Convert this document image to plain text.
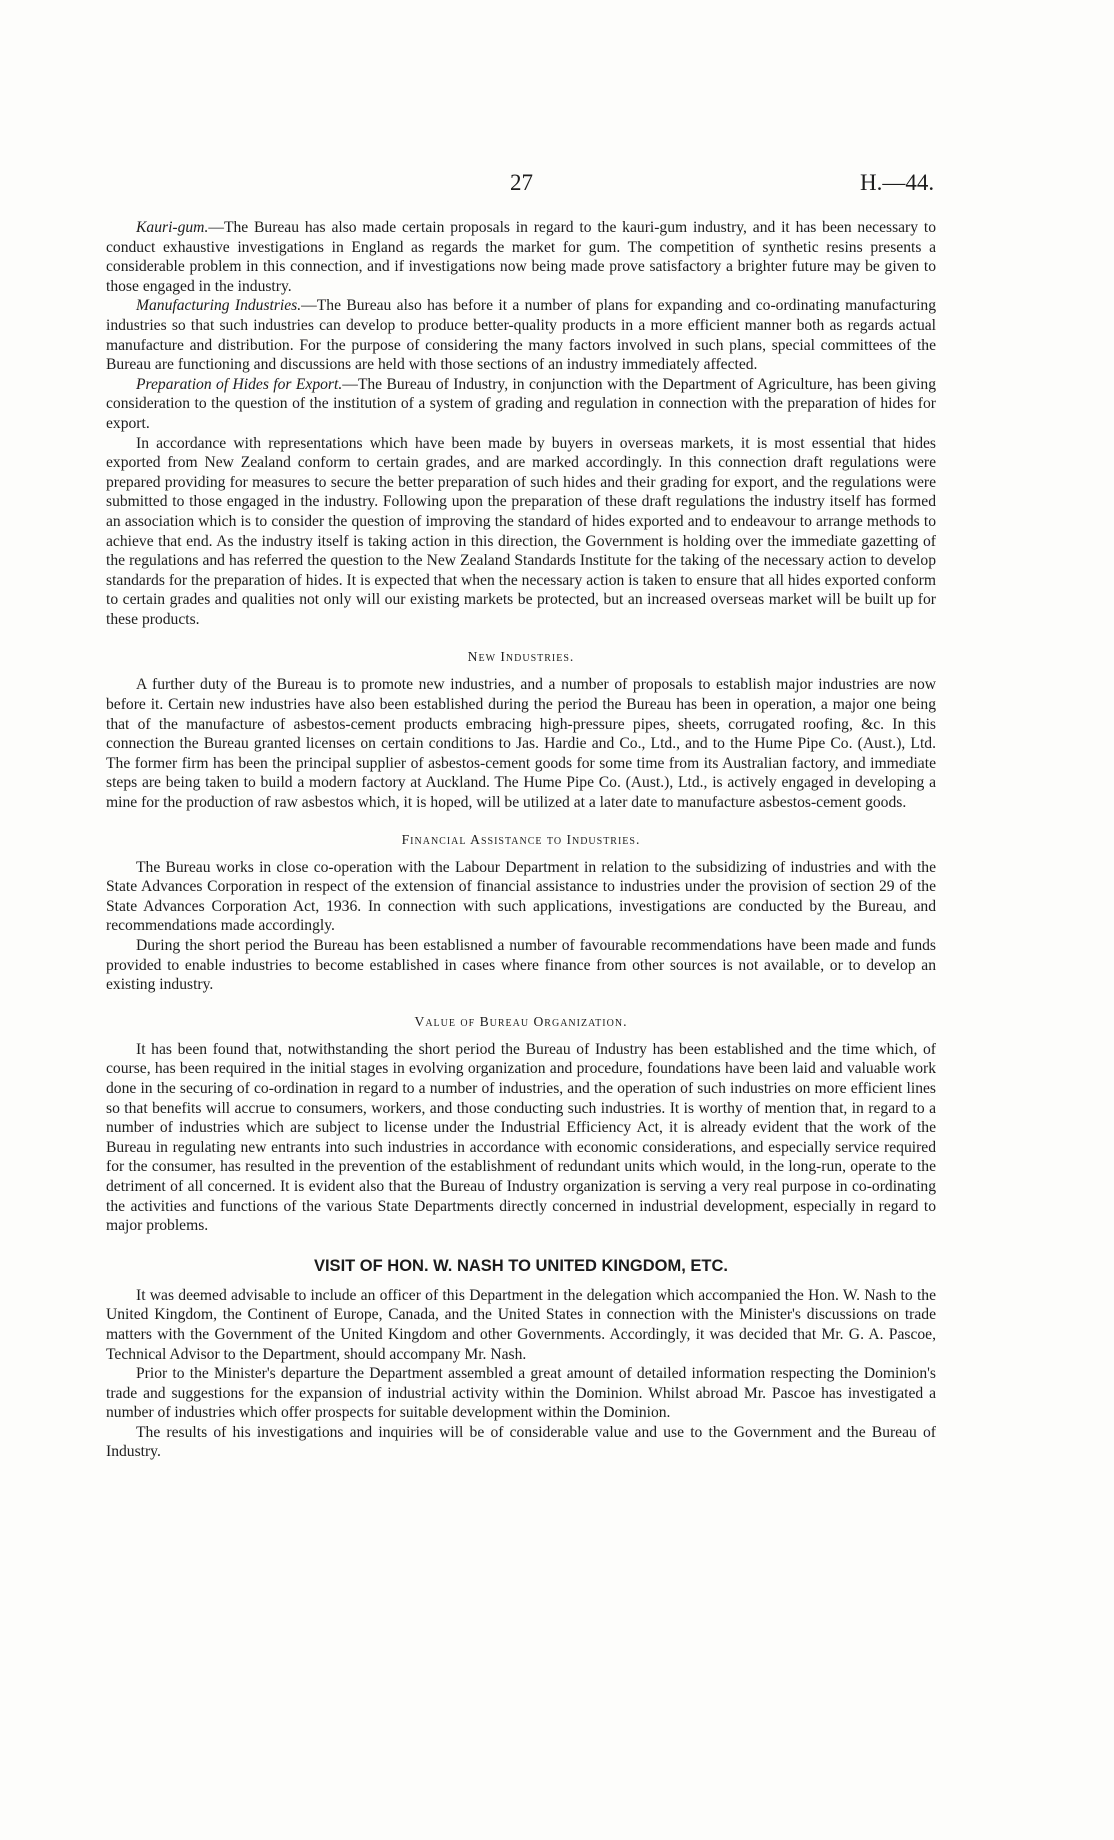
27	H.—44.

Kauri-gum.—The Bureau has also made certain proposals in regard to the kauri-gum industry, and it has been necessary to conduct exhaustive investigations in England as regards the market for gum. The competition of synthetic resins presents a considerable problem in this connection, and if investigations now being made prove satisfactory a brighter future may be given to those engaged in the industry.

Manufacturing Industries.—The Bureau also has before it a number of plans for expanding and co-ordinating manufacturing industries so that such industries can develop to produce better-quality products in a more efficient manner both as regards actual manufacture and distribution. For the purpose of considering the many factors involved in such plans, special committees of the Bureau are functioning and discussions are held with those sections of an industry immediately affected.

Preparation of Hides for Export.—The Bureau of Industry, in conjunction with the Department of Agriculture, has been giving consideration to the question of the institution of a system of grading and regulation in connection with the preparation of hides for export.

In accordance with representations which have been made by buyers in overseas markets, it is most essential that hides exported from New Zealand conform to certain grades, and are marked accordingly. In this connection draft regulations were prepared providing for measures to secure the better preparation of such hides and their grading for export, and the regulations were submitted to those engaged in the industry. Following upon the preparation of these draft regulations the industry itself has formed an association which is to consider the question of improving the standard of hides exported and to endeavour to arrange methods to achieve that end. As the industry itself is taking action in this direction, the Government is holding over the immediate gazetting of the regulations and has referred the question to the New Zealand Standards Institute for the taking of the necessary action to develop standards for the preparation of hides. It is expected that when the necessary action is taken to ensure that all hides exported conform to certain grades and qualities not only will our existing markets be protected, but an increased overseas market will be built up for these products.

New Industries.

A further duty of the Bureau is to promote new industries, and a number of proposals to establish major industries are now before it. Certain new industries have also been established during the period the Bureau has been in operation, a major one being that of the manufacture of asbestos-cement products embracing high-pressure pipes, sheets, corrugated roofing, &c. In this connection the Bureau granted licenses on certain conditions to Jas. Hardie and Co., Ltd., and to the Hume Pipe Co. (Aust.), Ltd. The former firm has been the principal supplier of asbestos-cement goods for some time from its Australian factory, and immediate steps are being taken to build a modern factory at Auckland. The Hume Pipe Co. (Aust.), Ltd., is actively engaged in developing a mine for the production of raw asbestos which, it is hoped, will be utilized at a later date to manufacture asbestos-cement goods.

Financial Assistance to Industries.

The Bureau works in close co-operation with the Labour Department in relation to the subsidizing of industries and with the State Advances Corporation in respect of the extension of financial assistance to industries under the provision of section 29 of the State Advances Corporation Act, 1936. In connection with such applications, investigations are conducted by the Bureau, and recommendations made accordingly.

During the short period the Bureau has been establisned a number of favourable recommendations have been made and funds provided to enable industries to become established in cases where finance from other sources is not available, or to develop an existing industry.

Value of Bureau Organization.

It has been found that, notwithstanding the short period the Bureau of Industry has been established and the time which, of course, has been required in the initial stages in evolving organization and procedure, foundations have been laid and valuable work done in the securing of co-ordination in regard to a number of industries, and the operation of such industries on more efficient lines so that benefits will accrue to consumers, workers, and those conducting such industries. It is worthy of mention that, in regard to a number of industries which are subject to license under the Industrial Efficiency Act, it is already evident that the work of the Bureau in regulating new entrants into such industries in accordance with economic considerations, and especially service required for the consumer, has resulted in the prevention of the establishment of redundant units which would, in the long-run, operate to the detriment of all concerned. It is evident also that the Bureau of Industry organization is serving a very real purpose in co-ordinating the activities and functions of the various State Departments directly concerned in industrial development, especially in regard to major problems.

VISIT OF HON. W. NASH TO UNITED KINGDOM, ETC.

It was deemed advisable to include an officer of this Department in the delegation which accompanied the Hon. W. Nash to the United Kingdom, the Continent of Europe, Canada, and the United States in connection with the Minister's discussions on trade matters with the Government of the United Kingdom and other Governments. Accordingly, it was decided that Mr. G. A. Pascoe, Technical Advisor to the Department, should accompany Mr. Nash.

Prior to the Minister's departure the Department assembled a great amount of detailed information respecting the Dominion's trade and suggestions for the expansion of industrial activity within the Dominion. Whilst abroad Mr. Pascoe has investigated a number of industries which offer prospects for suitable development within the Dominion.

The results of his investigations and inquiries will be of considerable value and use to the Government and the Bureau of Industry.
